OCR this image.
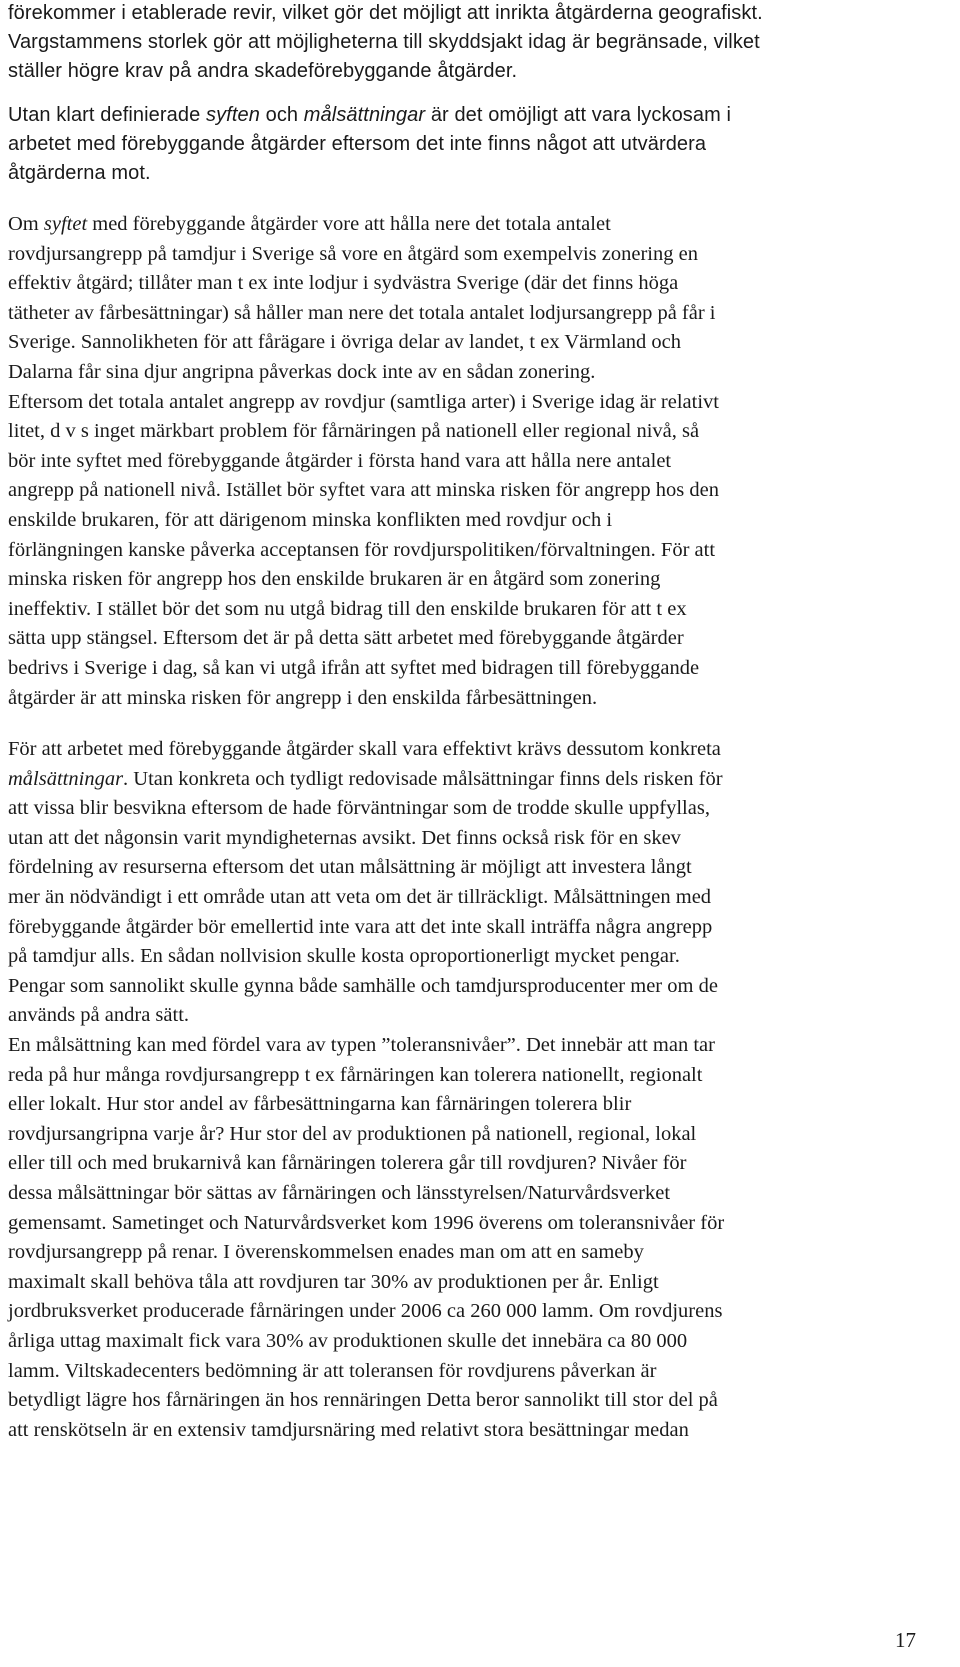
förekommer i etablerade revir, vilket gör det möjligt att inrikta åtgärderna geografiskt.
Vargstammens storlek gör att möjligheterna till skyddsjakt idag är begränsade, vilket
ställer högre krav på andra skadeförebyggande åtgärder.

Utan klart definierade syften och målsättningar är det omöjligt att vara lyckosam i
arbetet med förebyggande åtgärder eftersom det inte finns något att utvärdera
åtgärderna mot.

Om syftet med förebyggande åtgärder vore att hålla nere det totala antalet
rovdjursangrepp på tamdjur i Sverige så vore en åtgärd som exempelvis zonering en
effektiv åtgärd; tillåter man t ex inte lodjur i sydvästra Sverige (där det finns höga
tätheter av fårbesättningar) så håller man nere det totala antalet lodjursangrepp på får i
Sverige. Sannolikheten för att fårägare i övriga delar av landet, t ex Värmland och
Dalarna får sina djur angripna påverkas dock inte av en sådan zonering.
Eftersom det totala antalet angrepp av rovdjur (samtliga arter) i Sverige idag är relativt
litet, d v s inget märkbart problem för fårnäringen på nationell eller regional nivå, så
bör inte syftet med förebyggande åtgärder i första hand vara att hålla nere antalet
angrepp på nationell nivå. Istället bör syftet vara att minska risken för angrepp hos den
enskilde brukaren, för att därigenom minska konflikten med rovdjur och i
förlängningen kanske påverka acceptansen för rovdjurspolitiken/förvaltningen. För att
minska risken för angrepp hos den enskilde brukaren är en åtgärd som zonering
ineffektiv. I stället bör det som nu utgå bidrag till den enskilde brukaren för att t ex
sätta upp stängsel. Eftersom det är på detta sätt arbetet med förebyggande åtgärder
bedrivs i Sverige i dag, så kan vi utgå ifrån att syftet med bidragen till förebyggande
åtgärder är att minska risken för angrepp i den enskilda fårbesättningen.

För att arbetet med förebyggande åtgärder skall vara effektivt krävs dessutom konkreta
målsättningar. Utan konkreta och tydligt redovisade målsättningar finns dels risken för
att vissa blir besvikna eftersom de hade förväntningar som de trodde skulle uppfyllas,
utan att det någonsin varit myndigheternas avsikt. Det finns också risk för en skev
fördelning av resurserna eftersom det utan målsättning är möjligt att investera långt
mer än nödvändigt i ett område utan att veta om det är tillräckligt. Målsättningen med
förebyggande åtgärder bör emellertid inte vara att det inte skall inträffa några angrepp
på tamdjur alls. En sådan nollvision skulle kosta oproportionerligt mycket pengar.
Pengar som sannolikt skulle gynna både samhälle och tamdjursproducenter mer om de
används på andra sätt.
En målsättning kan med fördel vara av typen ”toleransnivåer”. Det innebär att man tar
reda på hur många rovdjursangrepp t ex fårnäringen kan tolerera nationellt, regionalt
eller lokalt. Hur stor andel av fårbesättningarna kan fårnäringen tolerera blir
rovdjursangripna varje år? Hur stor del av produktionen på nationell, regional, lokal
eller till och med brukarnivå kan fårnäringen tolerera går till rovdjuren? Nivåer för
dessa målsättningar bör sättas av fårnäringen och länsstyrelsen/Naturvårdsverket
gemensamt. Sametinget och Naturvårdsverket kom 1996 överens om toleransnivåer för
rovdjursangrepp på renar. I överenskommelsen enades man om att en sameby
maximalt skall behöva tåla att rovdjuren tar 30% av produktionen per år. Enligt
jordbruksverket producerade fårnäringen under 2006 ca 260 000 lamm. Om rovdjurens
årliga uttag maximalt fick vara 30% av produktionen skulle det innebära ca 80 000
lamm. Viltskadecenters bedömning är att toleransen för rovdjurens påverkan är
betydligt lägre hos fårnäringen än hos rennäringen Detta beror sannolikt till stor del på
att renskötseln är en extensiv tamdjursnäring med relativt stora besättningar medan

17
